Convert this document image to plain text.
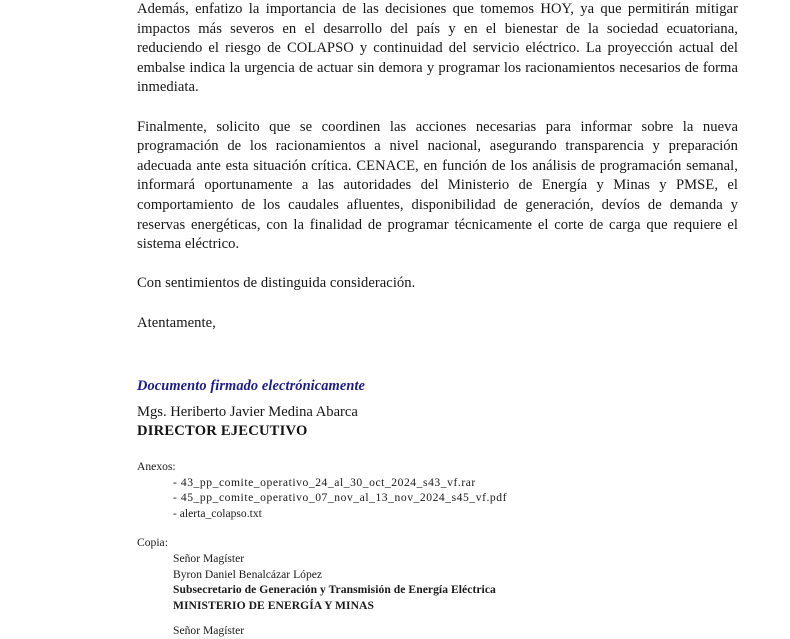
Además, enfatizo la importancia de las decisiones que tomemos HOY, ya que permitirán mitigar impactos más severos en el desarrollo del país y en el bienestar de la sociedad ecuatoriana, reduciendo el riesgo de COLAPSO y continuidad del servicio eléctrico. La proyección actual del embalse indica la urgencia de actuar sin demora y programar los racionamientos necesarios de forma inmediata.

Finalmente, solicito que se coordinen las acciones necesarias para informar sobre la nueva programación de los racionamientos a nivel nacional, asegurando transparencia y preparación adecuada ante esta situación crítica. CENACE, en función de los análisis de programación semanal, informará oportunamente a las autoridades del Ministerio de Energía y Minas y PMSE, el comportamiento de los caudales afluentes, disponibilidad de generación, devíos de demanda y reservas energéticas, con la finalidad de programar técnicamente el corte de carga que requiere el sistema eléctrico.

Con sentimientos de distinguida consideración.

Atentamente,

Documento firmado electrónicamente

Mgs. Heriberto Javier Medina Abarca

DIRECTOR EJECUTIVO

Anexos:

- 43_pp_comite_operativo_24_al_30_oct_2024_s43_vf.rar
- 45_pp_comite_operativo_07_nov_al_13_nov_2024_s45_vf.pdf
- alerta_colapso.txt

Copia:

Señor Magíster

Byron Daniel Benalcázar López

Subsecretario de Generación y Transmisión de Energía Eléctrica

MINISTERIO DE ENERGÍA Y MINAS

Señor Magíster
